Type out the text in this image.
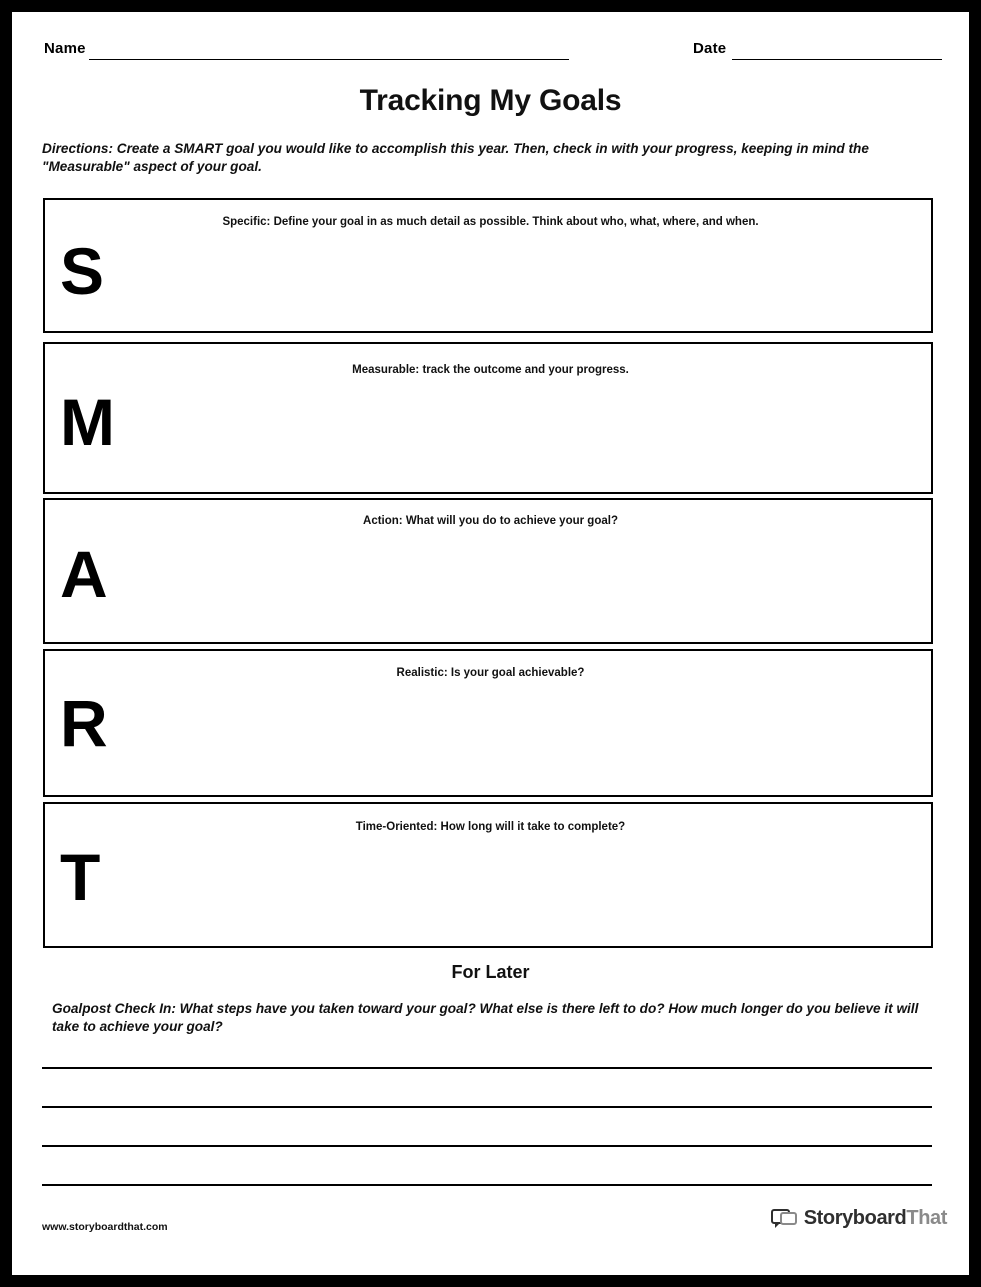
Name	Date
Tracking My Goals
Directions: Create a SMART goal you would like to accomplish this year. Then, check in with your progress, keeping in mind the "Measurable" aspect of your goal.
Specific: Define your goal in as much detail as possible. Think about who, what, where, and when.
S
Measurable: track the outcome and your progress.
M
Action: What will you do to achieve your goal?
A
Realistic: Is your goal achievable?
R
Time-Oriented: How long will it take to complete?
T
For Later
Goalpost Check In: What steps have you taken toward your goal? What else is there left to do? How much longer do you believe it will take to achieve your goal?
www.storyboardthat.com	StoryboardThat
